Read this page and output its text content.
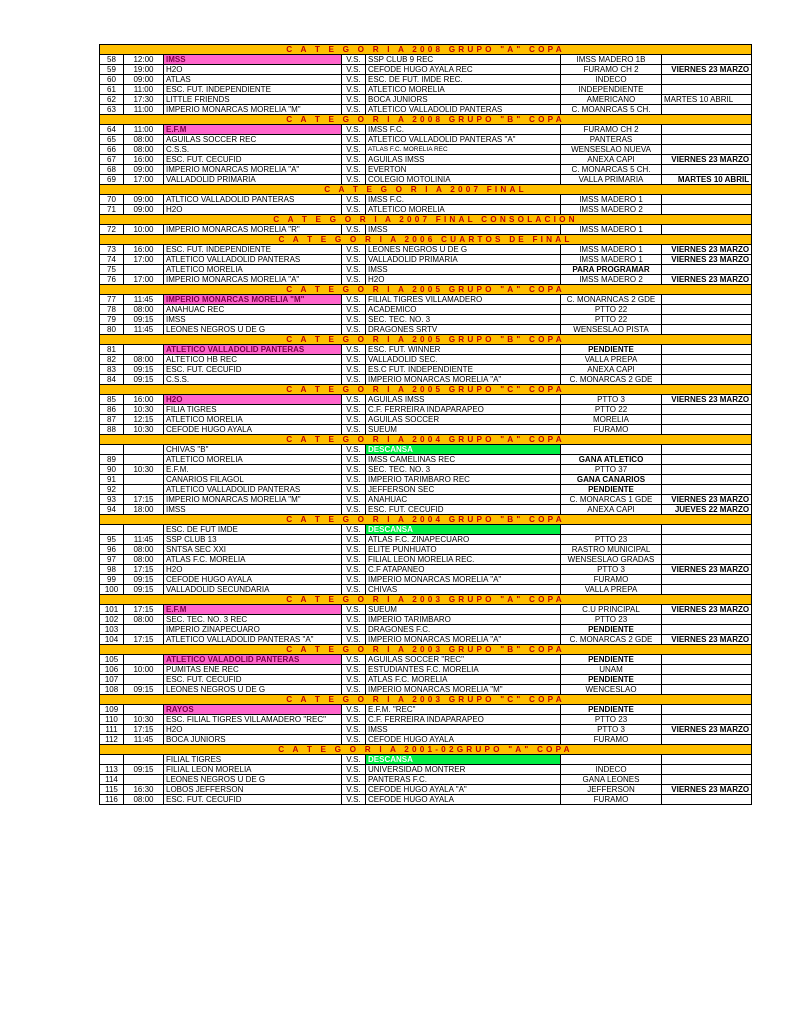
C A T E G O R I A 2008 GRUPO "A" COPA						
58	12:00	IMSS	V.S.	SSP CLUB 9 REC	IMSS MADERO 1B	
59	19:00	H2O	V.S.	CEFODE HUGO AYALA REC	FURAMO CH 2	VIERNES 23 MARZO
60	09:00	ATLAS	V.S.	ESC. DE FUT. IMDE REC.	INDECO	
61	11:00	ESC. FUT. INDEPENDIENTE	V.S.	ATLETICO MORELIA	INDEPENDIENTE	
62	17:30	LITTLE FRIENDS	V.S.	BOCA JUNIORS	AMERICANO	MARTES 10 ABRIL
63	11:00	IMPERIO MONARCAS MORELIA "M"	V.S.	ATLETICO VALLADOLID PANTERAS	C. MOANRCAS 5 CH.	
C A T E G O R I A 2008 GRUPO "B" COPA						
64	11:00	E.F.M	V.S.	IMSS F.C.	FURAMO CH 2	
65	08:00	AGUILAS SOCCER REC	V.S.	ATLETICO VALLADOLID PANTERAS "A"	PANTERAS	
66	08:00	C.S.S.	V.S.	ATLAS F.C. MORELIA REC	WENSESLAO NUEVA	
67	16:00	ESC. FUT. CECUFID	V.S.	AGUILAS IMSS	ANEXA CAPI	VIERNES 23 MARZO
68	09:00	IMPERIO MONARCAS MORELIA "A"	V.S.	EVERTON	C. MONARCAS 5 CH.	
69	17:00	VALLADOLID PRIMARIA	V.S.	COLEGIO MOTOLINIA	VALLA PRIMARIA	MARTES 10 ABRIL
C A T E G O R I A 2007 FINAL						
70	09:00	ATLTICO VALLADOLID PANTERAS	V.S.	IMSS F.C.	IMSS MADERO 1	
71	09:00	H2O	V.S.	ATLETICO MORELIA	IMSS MADERO 2	
C A T E G O R I A 2007 FINAL CONSOLACION						
72	10:00	IMPERIO MONARCAS MORELIA "R"	V.S.	IMSS	IMSS MADERO 1	
C A T E G O R I A 2006 CUARTOS DE FINAL						
73	16:00	ESC. FUT. INDEPENDIENTE	V.S.	LEONES NEGROS U DE G	IMSS MADERO 1	VIERNES 23 MARZO
74	17:00	ATLETICO VALLADOLID PANTERAS	V.S.	VALLADOLID PRIMARIA	IMSS MADERO 1	VIERNES 23 MARZO
75		ATLETICO MORELIA	V.S.	IMSS	PARA PROGRAMAR	
76	17:00	IMPERIO MONARCAS MORELIA "A"	V.S.	H2O	IMSS MADERO 2	VIERNES 23 MARZO
C A T E G O R I A 2005 GRUPO "A" COPA						
77	11:45	IMPERIO MONARCAS MORELIA "M"	V.S.	FILIAL TIGRES VILLAMADERO	C. MONARNCAS 2 GDE	
78	08:00	ANAHUAC REC	V.S.	ACADEMICO	PTTO 22	
79	09:15	IMSS	V.S.	SEC. TEC. NO. 3	PTTO 22	
80	11:45	LEONES NEGROS U DE G	V.S.	DRAGONES SRTV	WENSESLAO PISTA	
C A T E G O R I A 2005 GRUPO "B" COPA						
81		ATLETICO VALLADOLID PANTERAS	V.S.	ESC. FUT. WINNER	PENDIENTE	
82	08:00	ALTETICO HB REC	V.S.	VALLADOLID SEC.	VALLA PREPA	
83	09:15	ESC. FUT. CECUFID	V.S.	ES.C FUT. INDEPENDIENTE	ANEXA CAPI	
84	09:15	C.S.S.	V.S.	IMPERIO MONARCAS MORELIA "A"	C. MONARCAS 2 GDE	
C A T E G O R I A 2005 GRUPO "C" COPA						
85	16:00	H2O	V.S.	AGUILAS IMSS	PTTO 3	VIERNES 23 MARZO
86	10:30	FILIA TIGRES	V.S.	C.F. FERREIRA INDAPARAPEO	PTTO 22	
87	12:15	ATLETICO MORELIA	V.S.	AGUILAS SOCCER	MORELIA	
88	10:30	CEFODE HUGO AYALA	V.S.	SUEUM	FURAMO	
C A T E G O R I A 2004 GRUPO "A" COPA						
		CHIVAS "B"	V.S.	DESCANSA		
89		ATLETICO MORELIA	V.S.	IMSS CAMELINAS REC	GANA ATLETICO	
90	10:30	E.F.M.	V.S.	SEC. TEC. NO. 3	PTTO 37	
91		CANARIOS FILAGOL	V.S.	IMPERIO TARIMBARO REC	GANA CANARIOS	
92		ATLETICO VALLADOLID PANTERAS	V.S.	JEFFERSON SEC	PENDIENTE	
93	17:15	IMPERIO MONARCAS MORELIA "M"	V.S.	ANAHUAC	C. MONARCAS 1 GDE	VIERNES 23 MARZO
94	18:00	IMSS	V.S.	ESC. FUT. CECUFID	ANEXA CAPI	JUEVES 22 MARZO
C A T E G O R I A 2004 GRUPO "B" COPA						
		ESC. DE FUT IMDE	V.S.	DESCANSA		
95	11:45	SSP CLUB 13	V.S.	ATLAS F.C. ZINAPECUARO	PTTO 23	
96	08:00	SNTSA SEC XXI	V.S.	ELITE PUNHUATO	RASTRO MUNICIPAL	
97	08:00	ATLAS F.C. MORELIA	V.S.	FILIAL LEON MORELIA REC.	WENSESLAO GRADAS	
98	17:15	H2O	V.S.	C.F ATAPANEO	PTTO 3	VIERNES 23 MARZO
99	09:15	CEFODE HUGO AYALA	V.S.	IMPERIO MONARCAS MORELIA "A"	FURAMO	
100	09:15	VALLADOLID SECUNDARIA	V.S.	CHIVAS	VALLA PREPA	
C A T E G O R I A 2003 GRUPO "A" COPA						
101	17:15	E.F.M	V.S.	SUEUM	C.U PRINCIPAL	VIERNES 23 MARZO
102	08:00	SEC. TEC. NO. 3 REC	V.S.	IMPERIO TARIMBARO	PTTO 23	
103		IMPERIO ZINAPECUARO	V.S.	DRAGONES F.C.	PENDIENTE	
104	17:15	ATLETICO VALLADOLID PANTERAS "A"	V.S.	IMPERIO MONARCAS MORELIA "A"	C. MONARCAS 2 GDE	VIERNES 23 MARZO
C A T E G O R I A 2003 GRUPO "B" COPA						
105		ATLETICO VALADOLID PANTERAS	V.S.	AGUILAS SOCCER "REC"	PENDIENTE	
106	10:00	PUMITAS ENE REC	V.S.	ESTUDIANTES F.C. MORELIA	UNAM	
107		ESC. FUT. CECUFID	V.S.	ATLAS F.C. MORELIA	PENDIENTE	
108	09:15	LEONES NEGROS U DE G	V.S.	IMPERIO MONARCAS MORELIA "M"	WENCESLAO	
C A T E G O R I A 2003 GRUPO "C" COPA						
109		RAYOS	V.S.	E.F.M. "REC"	PENDIENTE	
110	10:30	ESC. FILIAL TIGRES VILLAMADERO "REC"	V.S.	C.F. FERREIRA INDAPARAPEO	PTTO 23	
111	17:15	H2O	V.S.	IMSS	PTTO 3	VIERNES 23 MARZO
112	11:45	BOCA JUNIORS	V.S.	CEFODE HUGO AYALA	FURAMO	
C A T E G O R I A 2001-02GRUPO "A" COPA						
		FILIAL TIGRES	V.S.	DESCANSA		
113	09:15	FILIAL LEON MORELIA	V.S.	UNIVERSIDAD MONTRER	INDECO	
114		LEONES NEGROS U DE G	V.S.	PANTERAS F.C.	GANA LEONES	
115	16:30	LOBOS JEFFERSON	V.S.	CEFODE HUGO AYALA "A"	JEFFERSON	VIERNES 23 MARZO
116	08:00	ESC. FUT. CECUFID	V.S.	CEFODE HUGO AYALA	FURAMO	
